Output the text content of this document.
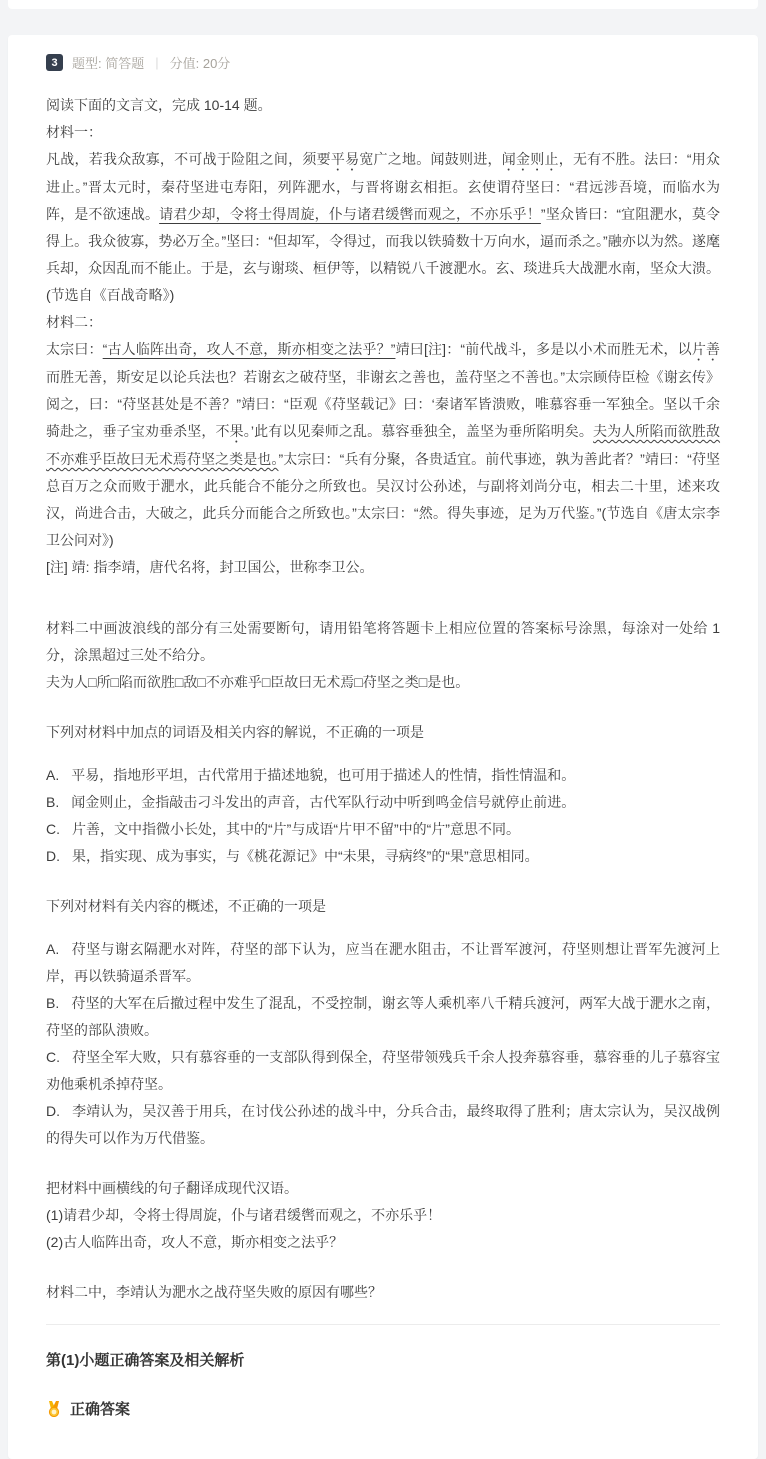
3	题型: 简答题 | 分值: 20分

阅读下面的文言文，完成 10-14 题。

材料一：

凡战，若我众敌寡，不可战于险阻之间，须要平易宽广之地。闻鼓则进，闻金则止，无有不胜。法曰：“用众进止。”晋太元时，秦苻坚进屯寿阳，列阵淝水，与晋将谢玄相拒。玄使谓苻坚曰：“君远涉吾境，而临水为阵，是不欲速战。请君少却，令将士得周旋，仆与诸君缓辔而观之，不亦乐乎！”坚众皆曰：“宜阻淝水，莫令得上。我众彼寡，势必万全。”坚曰：“但却军，令得过，而我以铁骑数十万向水，逼而杀之。”融亦以为然。遂麾兵却，众因乱而不能止。于是，玄与谢琰、桓伊等，以精锐八千渡淝水。玄、琰进兵大战淝水南，坚众大溃。(节选自《百战奇略》)

材料二：

太宗曰：“古人临阵出奇，攻人不意，斯亦相变之法乎？”靖曰[注]：“前代战斗，多是以小术而胜无术，以片善而胜无善，斯安足以论兵法也？若谢玄之破苻坚，非谢玄之善也，盖苻坚之不善也。”太宗顾侍臣检《谢玄传》阅之，曰：“苻坚甚处是不善？”靖曰：“臣观《苻坚载记》曰：‘秦诸军皆溃败，唯慕容垂一军独全。坚以千余骑赴之，垂子宝劝垂杀坚，不果。’此有以见秦师之乱。慕容垂独全，盖坚为垂所陷明矣。夫为人所陷而欲胜敌不亦难乎臣故曰无术焉苻坚之类是也。”太宗曰：“兵有分聚，各贵适宜。前代事迹，孰为善此者？”靖曰：“苻坚总百万之众而败于淝水，此兵能合不能分之所致也。吴汉讨公孙述，与副将刘尚分屯，相去二十里，述来攻汉，尚进合击，大破之，此兵分而能合之所致也。”太宗曰：“然。得失事迹，足为万代鉴。”(节选自《唐太宗李卫公问对》)

[注] 靖: 指李靖，唐代名将，封卫国公，世称李卫公。

材料二中画波浪线的部分有三处需要断句，请用铅笔将答题卡上相应位置的答案标号涂黑，每涂对一处给 1 分，涂黑超过三处不给分。

夫为人□所□陷而欲胜□敌□不亦难乎□臣故曰无术焉□苻坚之类□是也。

下列对材料中加点的词语及相关内容的解说，不正确的一项是

A. 平易，指地形平坦，古代常用于描述地貌，也可用于描述人的性情，指性情温和。

B. 闻金则止，金指敲击刁斗发出的声音，古代军队行动中听到鸣金信号就停止前进。

C. 片善，文中指微小长处，其中的“片”与成语“片甲不留”中的“片”意思不同。

D. 果，指实现、成为事实，与《桃花源记》中“未果，寻病终”的“果”意思相同。

下列对材料有关内容的概述，不正确的一项是

A. 苻坚与谢玄隔淝水对阵，苻坚的部下认为，应当在淝水阻击，不让晋军渡河，苻坚则想让晋军先渡河上岸，再以铁骑逼杀晋军。

B. 苻坚的大军在后撤过程中发生了混乱，不受控制，谢玄等人乘机率八千精兵渡河，两军大战于淝水之南，苻坚的部队溃败。

C. 苻坚全军大败，只有慕容垂的一支部队得到保全，苻坚带领残兵千余人投奔慕容垂，慕容垂的儿子慕容宝劝他乘机杀掉苻坚。

D. 李靖认为，吴汉善于用兵，在讨伐公孙述的战斗中，分兵合击，最终取得了胜利；唐太宗认为，吴汉战例的得失可以作为万代借鉴。

把材料中画横线的句子翻译成现代汉语。

(1)请君少却，令将士得周旋，仆与诸君缓辔而观之，不亦乐乎！

(2)古人临阵出奇，攻人不意，斯亦相变之法乎？

材料二中，李靖认为淝水之战苻坚失败的原因有哪些？

第(1)小题正确答案及相关解析
正确答案
